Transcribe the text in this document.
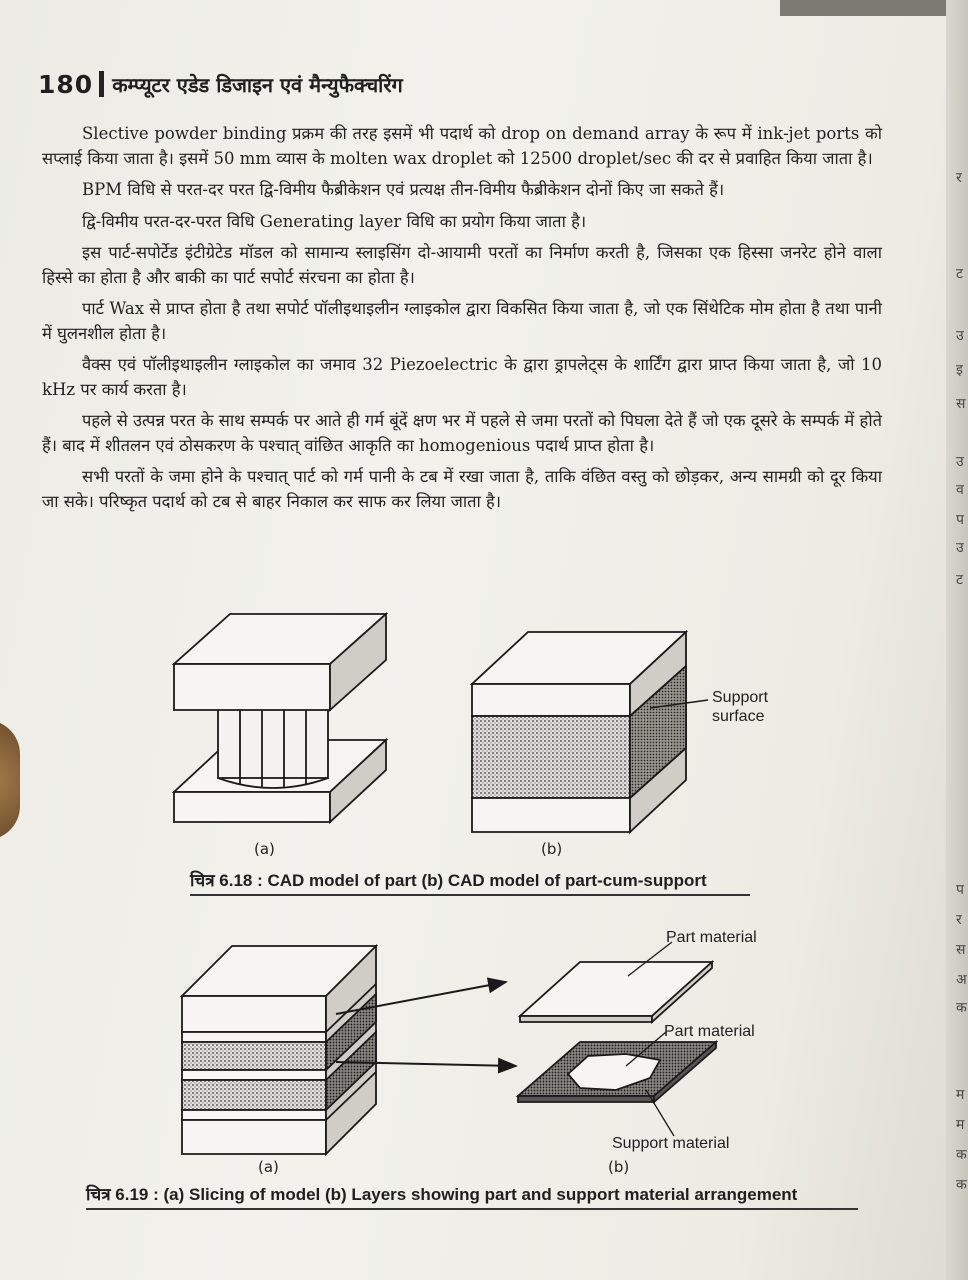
180 कम्प्यूटर एडेड डिजाइन एवं मैन्युफैक्चरिंग

Slective powder binding प्रक्रम की तरह इसमें भी पदार्थ को drop on demand array के रूप में ink-jet ports को सप्लाई किया जाता है। इसमें 50 mm व्यास के molten wax droplet को 12500 droplet/sec की दर से प्रवाहित किया जाता है।

BPM विधि से परत-दर परत द्वि-विमीय फैब्रीकेशन एवं प्रत्यक्ष तीन-विमीय फैब्रीकेशन दोनों किए जा सकते हैं।

द्वि-विमीय परत-दर-परत विधि Generating layer विधि का प्रयोग किया जाता है।

इस पार्ट-सपोर्टेड इंटीग्रेटेड मॉडल को सामान्य स्लाइसिंग दो-आयामी परतों का निर्माण करती है, जिसका एक हिस्सा जनरेट होने वाला हिस्से का होता है और बाकी का पार्ट सपोर्ट संरचना का होता है।

पार्ट Wax से प्राप्त होता है तथा सपोर्ट पॉलीइथाइलीन ग्लाइकोल द्वारा विकसित किया जाता है, जो एक सिंथेटिक मोम होता है तथा पानी में घुलनशील होता है।

वैक्स एवं पॉलीइथाइलीन ग्लाइकोल का जमाव 32 Piezoelectric के द्वारा ड्रापलेट्स के शार्टिंग द्वारा प्राप्त किया जाता है, जो 10 kHz पर कार्य करता है।

पहले से उत्पन्न परत के साथ सम्पर्क पर आते ही गर्म बूंदें क्षण भर में पहले से जमा परतों को पिघला देते हैं जो एक दूसरे के सम्पर्क में होते हैं। बाद में शीतलन एवं ठोसकरण के पश्चात् वांछित आकृति का homogenious पदार्थ प्राप्त होता है।

सभी परतों के जमा होने के पश्चात् पार्ट को गर्म पानी के टब में रखा जाता है, ताकि वंछित वस्तु को छोड़कर, अन्य सामग्री को दूर किया जा सके। परिष्कृत पदार्थ को टब से बाहर निकाल कर साफ कर लिया जाता है।

र
ट
उ
इ
स
उ
व
प
उ
ट
प
र
स
अ
क
म
म
क
क
Support
surface
(a)	(b)
चित्र 6.18 : CAD model of part (b) CAD model of part-cum-support
Part material
Part material
Support material
(a)	(b)
चित्र 6.19 : (a) Slicing of model (b) Layers showing part and support material arrangement
